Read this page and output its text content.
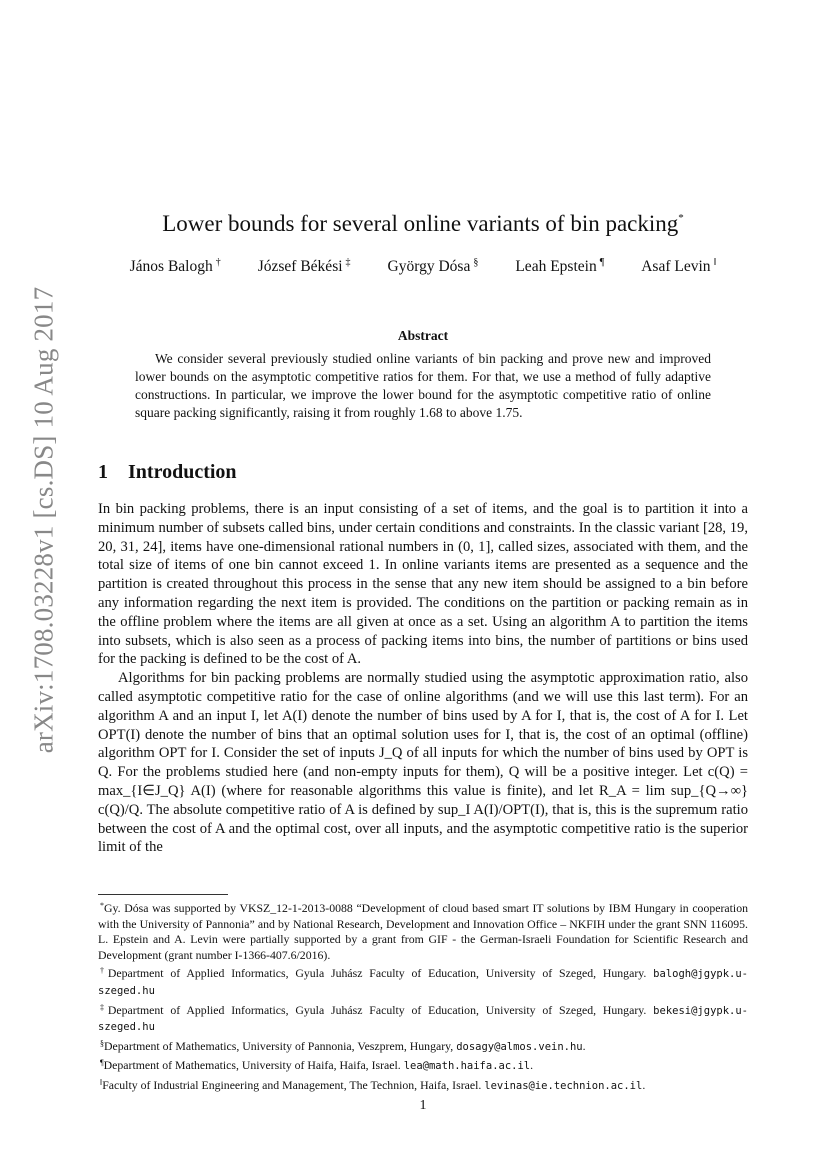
arXiv:1708.03228v1 [cs.DS] 10 Aug 2017
Lower bounds for several online variants of bin packing*
János Balogh † József Békési ‡ György Dósa § Leah Epstein ¶ Asaf Levin ‖
Abstract

We consider several previously studied online variants of bin packing and prove new and improved lower bounds on the asymptotic competitive ratios for them. For that, we use a method of fully adaptive constructions. In particular, we improve the lower bound for the asymptotic competitive ratio of online square packing significantly, raising it from roughly 1.68 to above 1.75.

1 Introduction

In bin packing problems, there is an input consisting of a set of items, and the goal is to partition it into a minimum number of subsets called bins, under certain conditions and constraints. In the classic variant [28, 19, 20, 31, 24], items have one-dimensional rational numbers in (0, 1], called sizes, associated with them, and the total size of items of one bin cannot exceed 1. In online variants items are presented as a sequence and the partition is created throughout this process in the sense that any new item should be assigned to a bin before any information regarding the next item is provided. The conditions on the partition or packing remain as in the offline problem where the items are all given at once as a set. Using an algorithm A to partition the items into subsets, which is also seen as a process of packing items into bins, the number of partitions or bins used for the packing is defined to be the cost of A.

Algorithms for bin packing problems are normally studied using the asymptotic approximation ratio, also called asymptotic competitive ratio for the case of online algorithms (and we will use this last term). For an algorithm A and an input I, let A(I) denote the number of bins used by A for I, that is, the cost of A for I. Let OPT(I) denote the number of bins that an optimal solution uses for I, that is, the cost of an optimal (offline) algorithm OPT for I. Consider the set of inputs J_Q of all inputs for which the number of bins used by OPT is Q. For the problems studied here (and non-empty inputs for them), Q will be a positive integer. Let c(Q) = max_{I∈J_Q} A(I) (where for reasonable algorithms this value is finite), and let R_A = lim sup_{Q→∞} c(Q)/Q. The absolute competitive ratio of A is defined by sup_I A(I)/OPT(I), that is, this is the supremum ratio between the cost of A and the optimal cost, over all inputs, and the asymptotic competitive ratio is the superior limit of the

*Gy. Dósa was supported by VKSZ_12-1-2013-0088 “Development of cloud based smart IT solutions by IBM Hungary in cooperation with the University of Pannonia” and by National Research, Development and Innovation Office – NKFIH under the grant SNN 116095. L. Epstein and A. Levin were partially supported by a grant from GIF - the German-Israeli Foundation for Scientific Research and Development (grant number I-1366-407.6/2016).

†Department of Applied Informatics, Gyula Juhász Faculty of Education, University of Szeged, Hungary. balogh@jgypk.u-szeged.hu

‡Department of Applied Informatics, Gyula Juhász Faculty of Education, University of Szeged, Hungary. bekesi@jgypk.u-szeged.hu

§Department of Mathematics, University of Pannonia, Veszprem, Hungary, dosagy@almos.vein.hu.

¶Department of Mathematics, University of Haifa, Haifa, Israel. lea@math.haifa.ac.il.

‖Faculty of Industrial Engineering and Management, The Technion, Haifa, Israel. levinas@ie.technion.ac.il.

1
